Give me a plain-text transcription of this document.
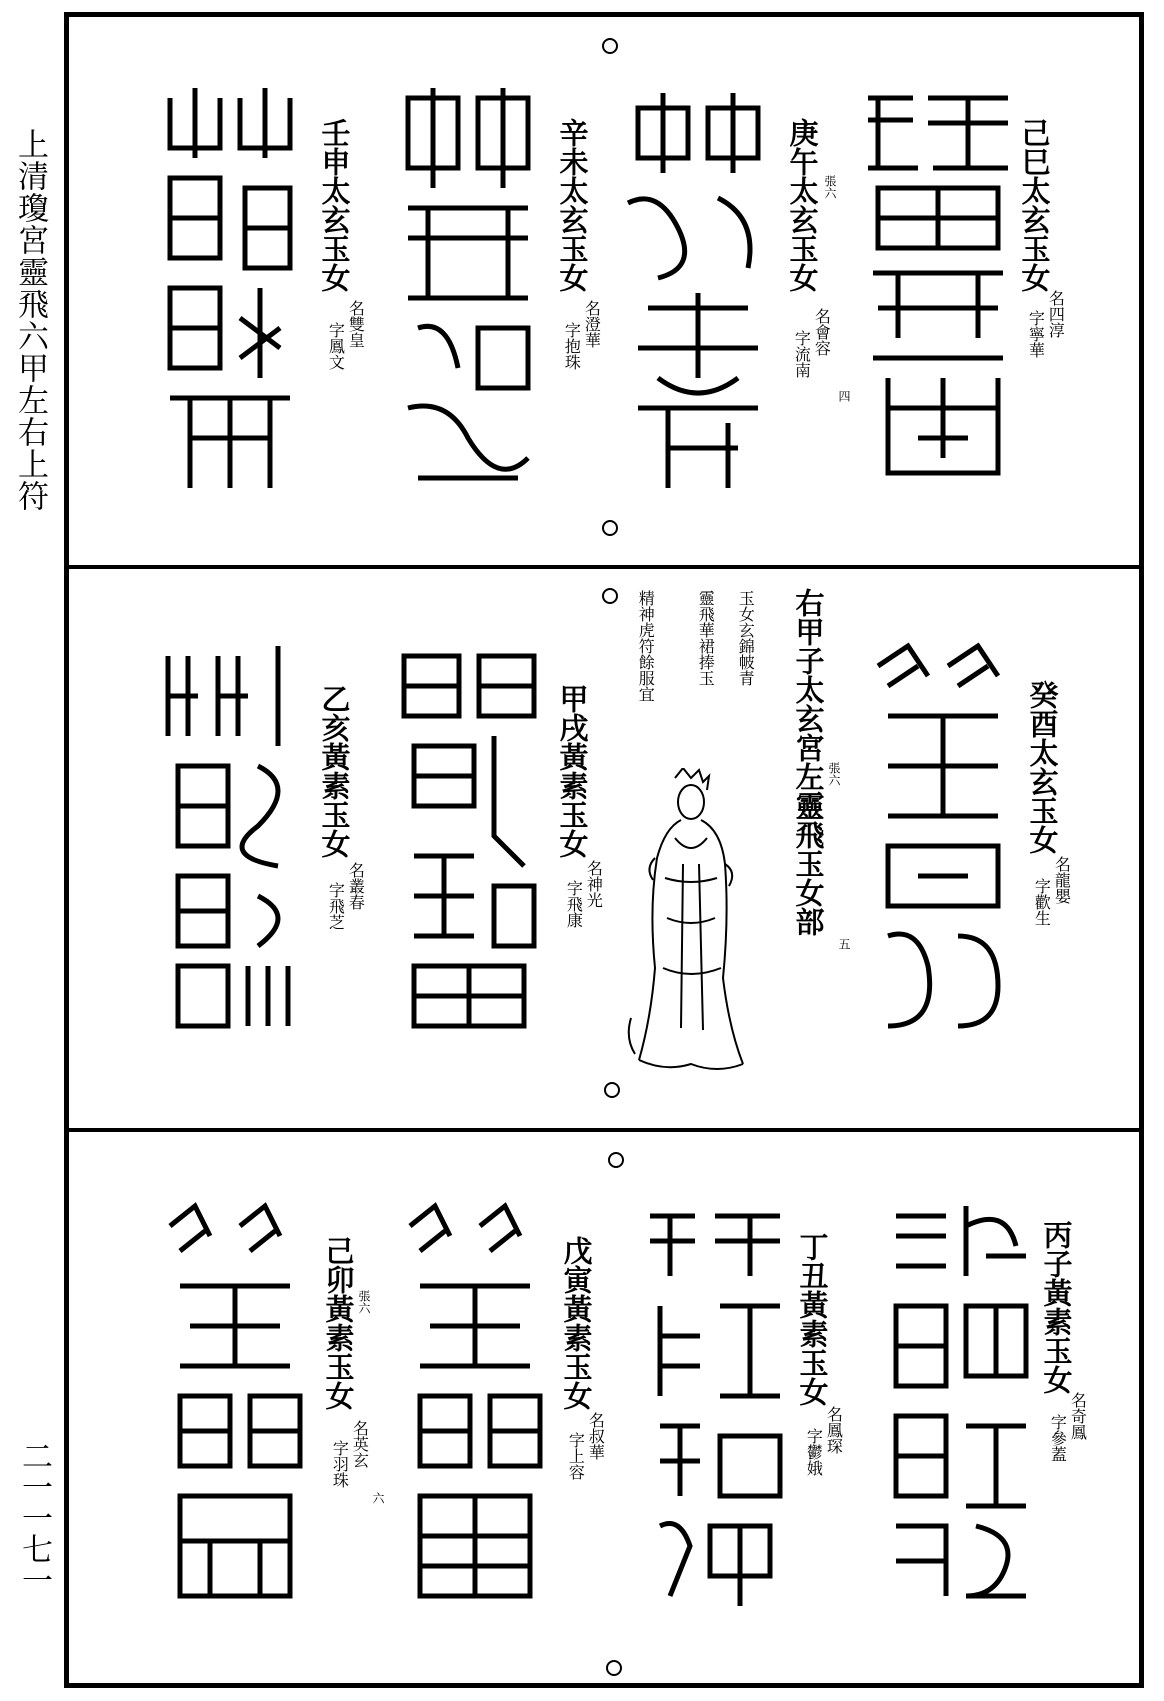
上清瓊宮靈飛六甲左右上符
二一一七一
己巳太玄玉女
名四淳
字寧華
庚午太玄玉女 張六
名會容
字流南
四
辛未太玄玉女
名澄華
字抱珠
壬申太玄玉女
名雙皇
字鳳文
右甲子太玄宮左靈飛玉女部 張六
五
玉女玄錦帔青
靈飛華裙捧玉
精神虎符餘服宜
癸酉太玄玉女
名龍嬰
字歡生
甲戌黃素玉女
名神光
字飛康
乙亥黃素玉女
名叢春
字飛芝
丙子黃素玉女
名奇鳳
字參蓋
丁丑黃素玉女
名鳳琛
字鬱娥
戊寅黃素玉女
名叔華
字上容
己卯黃素玉女 張六
名英玄
字羽珠
六
